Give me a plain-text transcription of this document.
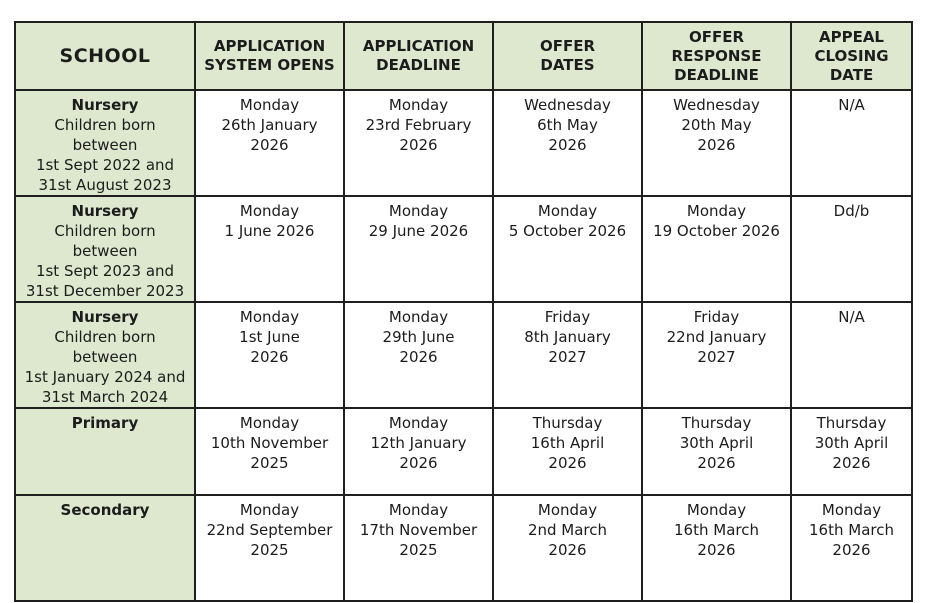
SCHOOL	APPLICATION
SYSTEM OPENS	APPLICATION
DEADLINE	OFFER
DATES	OFFER
RESPONSE
DEADLINE	APPEAL
CLOSING
DATE

Nursery
Children born between
1st Sept 2022 and
31st August 2023	Monday
26th January
2026	Monday
23rd February
2026	Wednesday
6th May
2026	Wednesday
20th May
2026	N/A

Nursery
Children born between
1st Sept 2023 and
31st December 2023	Monday
1 June 2026	Monday
29 June 2026	Monday
5 October 2026	Monday
19 October 2026	Dd/b

Nursery
Children born between
1st January 2024 and
31st March 2024	Monday
1st June
2026	Monday
29th June
2026	Friday
8th January
2027	Friday
22nd January
2027	N/A

Primary	Monday
10th November
2025	Monday
12th January
2026	Thursday
16th April
2026	Thursday
30th April
2026	Thursday
30th April
2026

Secondary	Monday
22nd September
2025	Monday
17th November
2025	Monday
2nd March
2026	Monday
16th March
2026	Monday
16th March
2026
